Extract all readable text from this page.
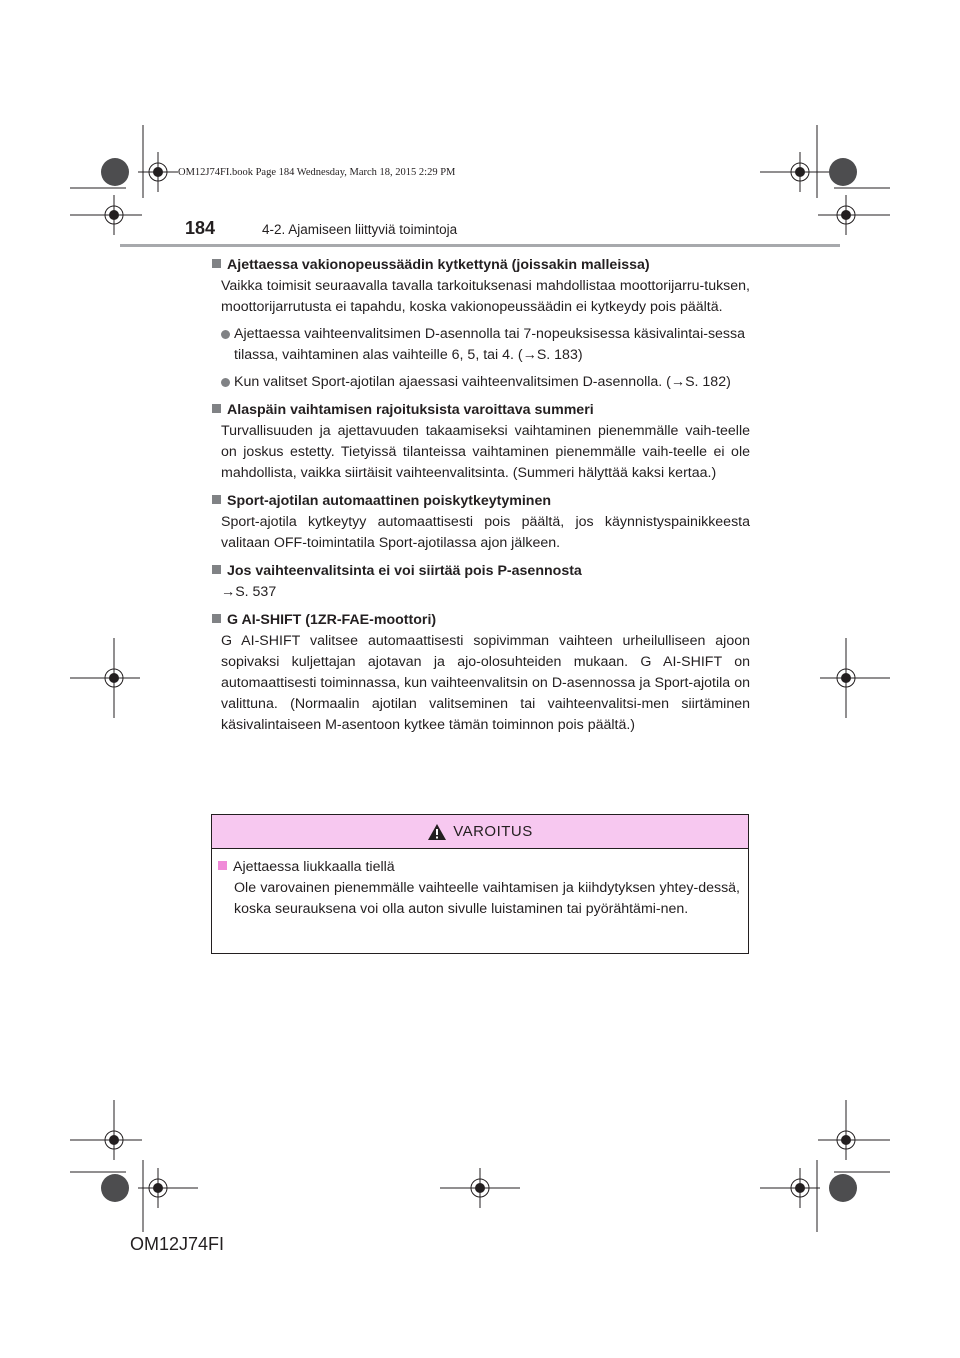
OM12J74FI.book Page 184 Wednesday, March 18, 2015 2:29 PM
184	4-2. Ajamiseen liittyviä toimintoja
Ajettaessa vakionopeussäädin kytkettynä (joissakin malleissa)
Vaikka toimisit seuraavalla tavalla tarkoituksenasi mahdollistaa moottorijarru-tuksen, moottorijarrutusta ei tapahdu, koska vakionopeussäädin ei kytkeydy pois päältä.
Ajettaessa vaihteenvalitsimen D-asennolla tai 7-nopeuksisessa käsivalintai-sessa tilassa, vaihtaminen alas vaihteille 6, 5, tai 4. (→S. 183)
Kun valitset Sport-ajotilan ajaessasi vaihteenvalitsimen D-asennolla. (→S. 182)
Alaspäin vaihtamisen rajoituksista varoittava summeri
Turvallisuuden ja ajettavuuden takaamiseksi vaihtaminen pienemmälle vaih-teelle on joskus estetty. Tietyissä tilanteissa vaihtaminen pienemmälle vaih-teelle ei ole mahdollista, vaikka siirtäisit vaihteenvalitsinta. (Summeri hälyttää kaksi kertaa.)
Sport-ajotilan automaattinen poiskytkeytyminen
Sport-ajotila kytkeytyy automaattisesti pois päältä, jos käynnistyspainikkeesta valitaan OFF-toimintatila Sport-ajotilassa ajon jälkeen.
Jos vaihteenvalitsinta ei voi siirtää pois P-asennosta
→S. 537
G AI-SHIFT (1ZR-FAE-moottori)
G AI-SHIFT valitsee automaattisesti sopivimman vaihteen urheilulliseen ajoon sopivaksi kuljettajan ajotavan ja ajo-olosuhteiden mukaan. G AI-SHIFT on automaattisesti toiminnassa, kun vaihteenvalitsin on D-asennossa ja Sport-ajotila on valittuna. (Normaalin ajotilan valitseminen tai vaihteenvalitsi-men siirtäminen käsivalintaiseen M-asentoon kytkee tämän toiminnon pois päältä.)
VAROITUS
Ajettaessa liukkaalla tiellä
Ole varovainen pienemmälle vaihteelle vaihtamisen ja kiihdytyksen yhtey-dessä, koska seurauksena voi olla auton sivulle luistaminen tai pyörähtämi-nen.
OM12J74FI
